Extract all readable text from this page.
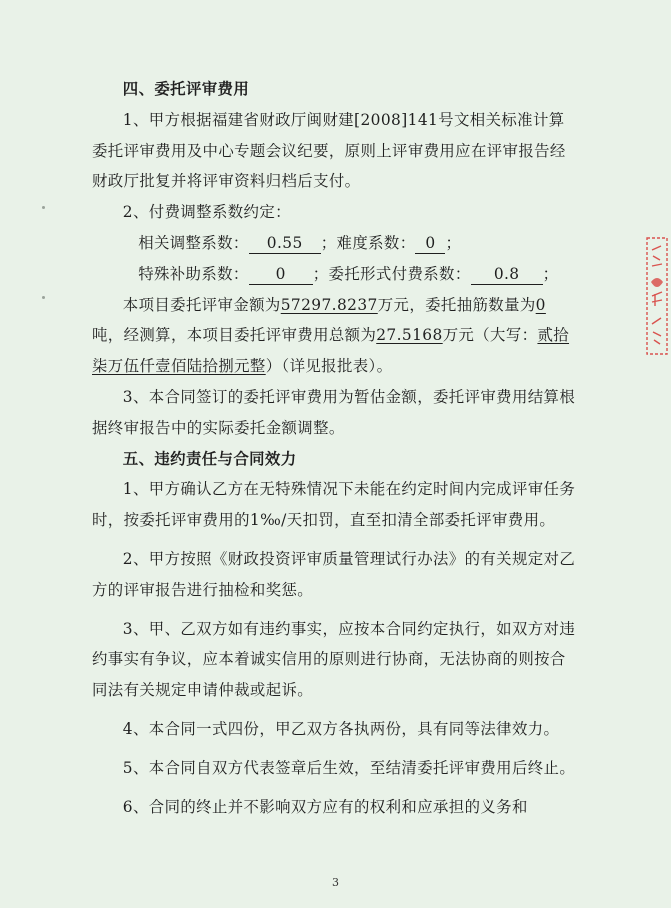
四、委托评审费用

1、甲方根据福建省财政厅闽财建[2008]141号文相关标准计算委托评审费用及中心专题会议纪要，原则上评审费用应在评审报告经财政厅批复并将评审资料归档后支付。

2、付费调整系数约定：

相关调整系数： 0.55 ；难度系数： 0 ；

特殊补助系数： 0 ；委托形式付费系数： 0.8 ；

本项目委托评审金额为57297.8237万元，委托抽筋数量为0吨，经测算，本项目委托评审费用总额为27.5168万元（大写：贰拾柒万伍仟壹佰陆拾捌元整）（详见报批表）。

3、本合同签订的委托评审费用为暂估金额，委托评审费用结算根据终审报告中的实际委托金额调整。

五、违约责任与合同效力

1、甲方确认乙方在无特殊情况下未能在约定时间内完成评审任务时，按委托评审费用的1‰/天扣罚，直至扣清全部委托评审费用。

2、甲方按照《财政投资评审质量管理试行办法》的有关规定对乙方的评审报告进行抽检和奖惩。

3、甲、乙双方如有违约事实，应按本合同约定执行，如双方对违约事实有争议，应本着诚实信用的原则进行协商，无法协商的则按合同法有关规定申请仲裁或起诉。

4、本合同一式四份，甲乙双方各执两份，具有同等法律效力。

5、本合同自双方代表签章后生效，至结清委托评审费用后终止。

6、合同的终止并不影响双方应有的权利和应承担的义务和

3
